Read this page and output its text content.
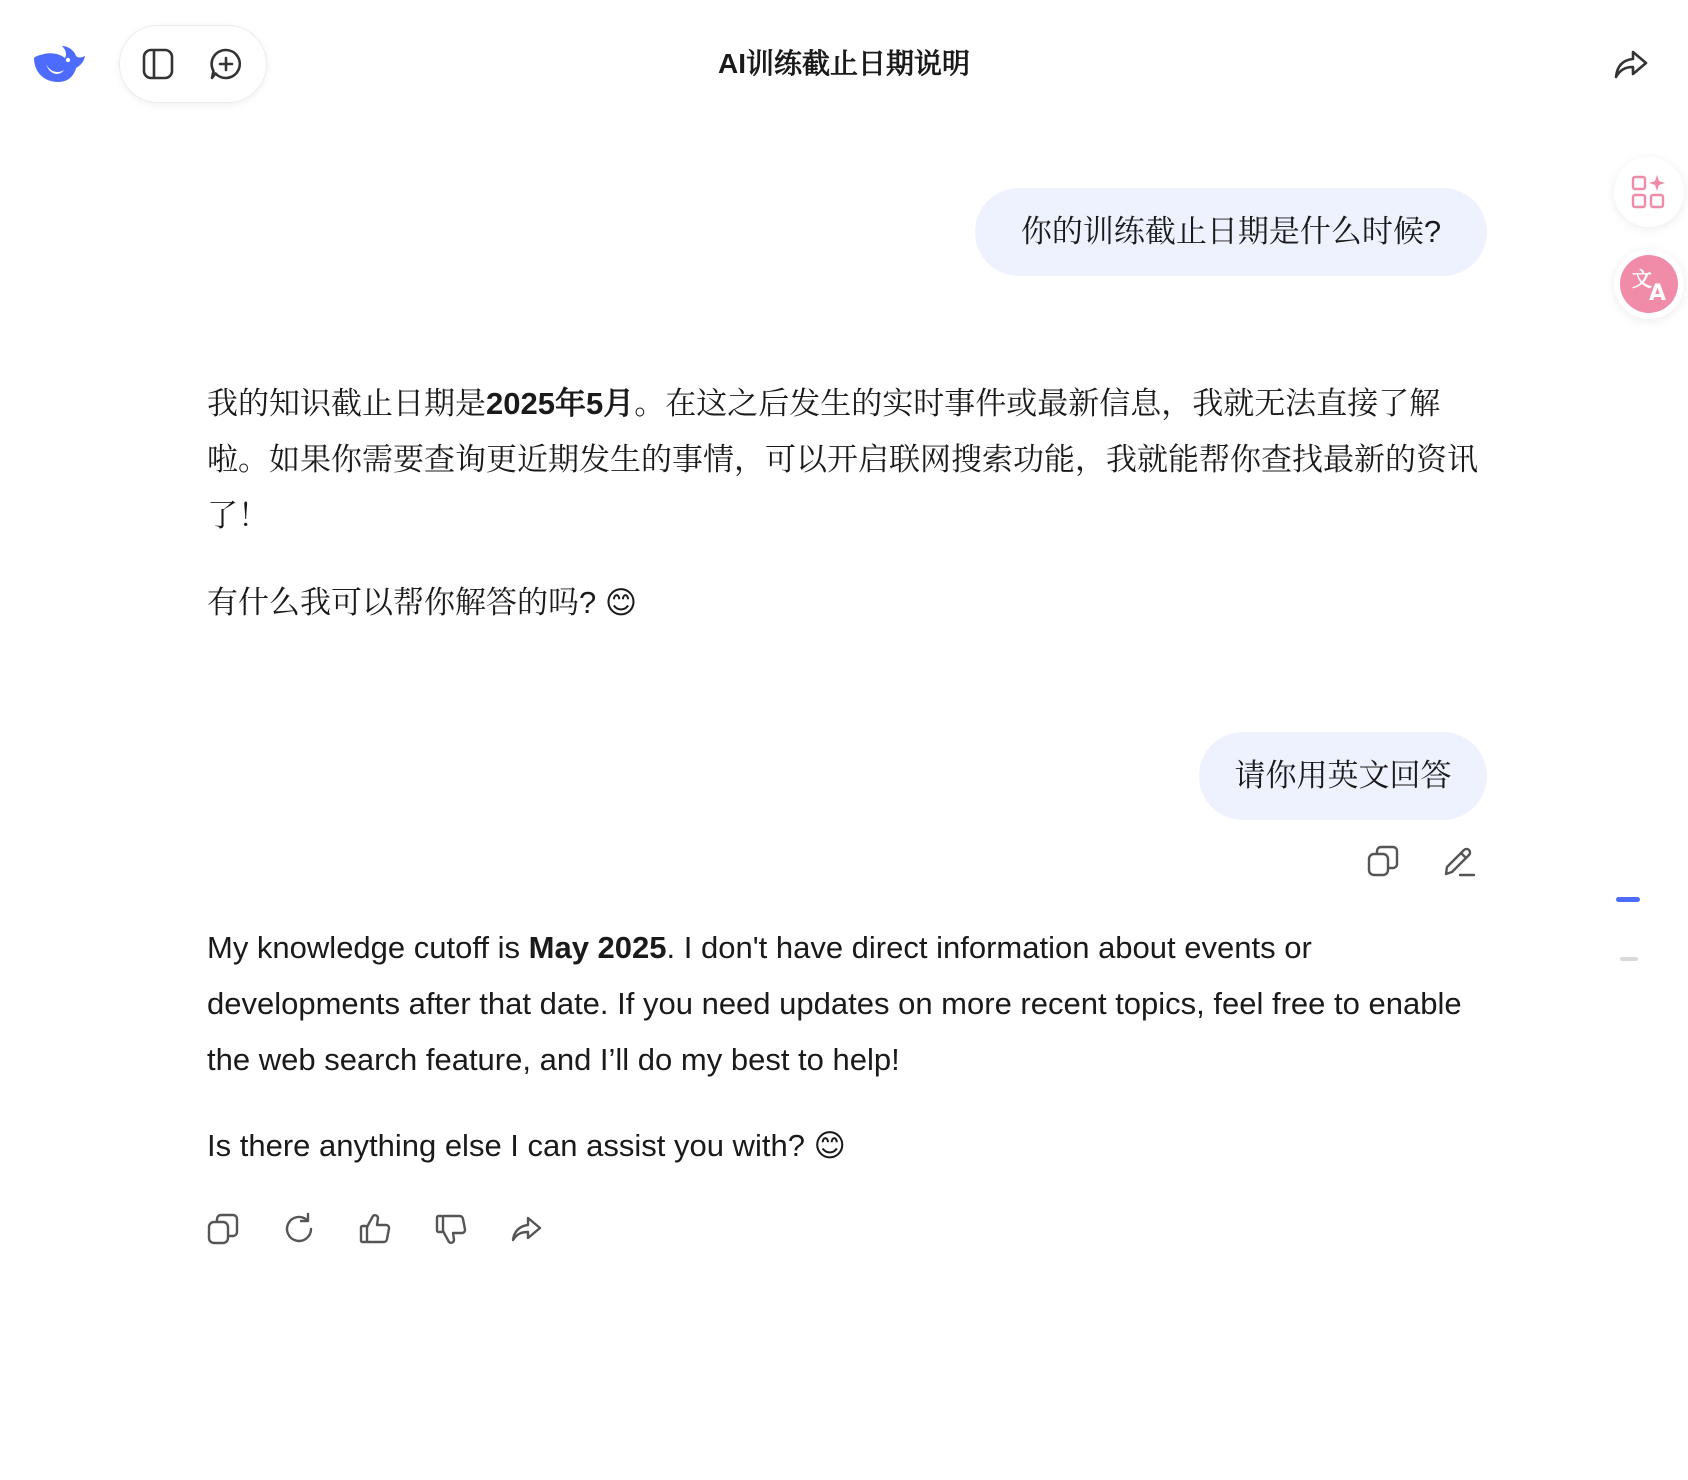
AI训练截止日期说明
文
A
你的训练截止日期是什么时候?
我的知识截止日期是2025年5月。在这之后发生的实时事件或最新信息，我就无法直接了解啦。如果你需要查询更近期发生的事情，可以开启联网搜索功能，我就能帮你查找最新的资讯了！
有什么我可以帮你解答的吗? 😊
请你用英文回答
My knowledge cutoff is May 2025. I don't have direct information about events or developments after that date. If you need updates on more recent topics, feel free to enable the web search feature, and I’ll do my best to help!
Is there anything else I can assist you with? 😊
